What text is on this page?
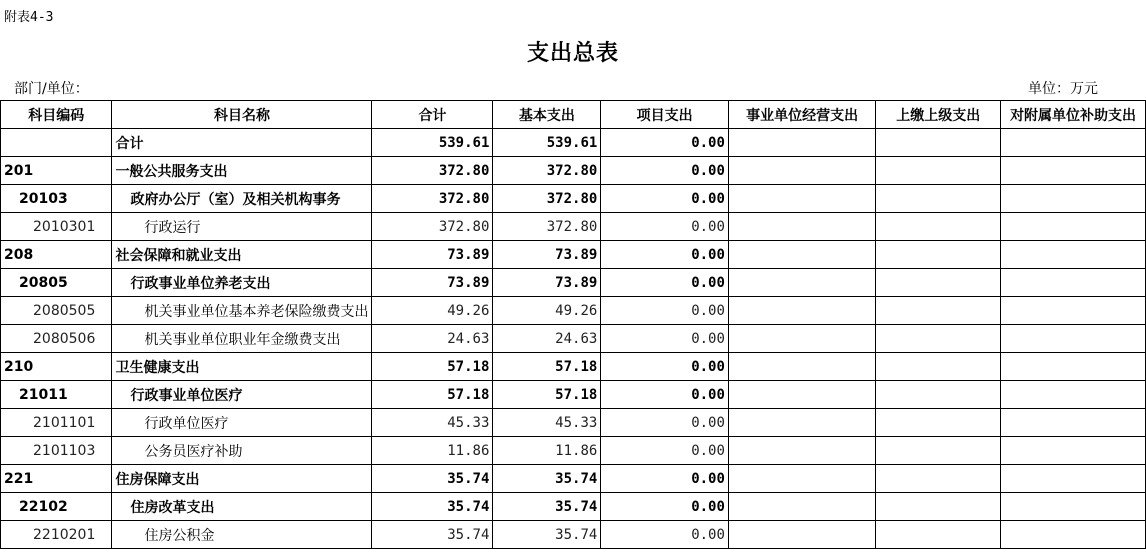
附表4-3
支出总表
部门/单位：	单位：万元
科目编码	科目名称	合计	基本支出	项目支出	事业单位经营支出	上缴上级支出	对附属单位补助支出
	合计	539.61	539.61	0.00			
201	一般公共服务支出	372.80	372.80	0.00			
20103	政府办公厅（室）及相关机构事务	372.80	372.80	0.00			
2010301	行政运行	372.80	372.80	0.00			
208	社会保障和就业支出	73.89	73.89	0.00			
20805	行政事业单位养老支出	73.89	73.89	0.00			
2080505	机关事业单位基本养老保险缴费支出	49.26	49.26	0.00			
2080506	机关事业单位职业年金缴费支出	24.63	24.63	0.00			
210	卫生健康支出	57.18	57.18	0.00			
21011	行政事业单位医疗	57.18	57.18	0.00			
2101101	行政单位医疗	45.33	45.33	0.00			
2101103	公务员医疗补助	11.86	11.86	0.00			
221	住房保障支出	35.74	35.74	0.00			
22102	住房改革支出	35.74	35.74	0.00			
2210201	住房公积金	35.74	35.74	0.00			
